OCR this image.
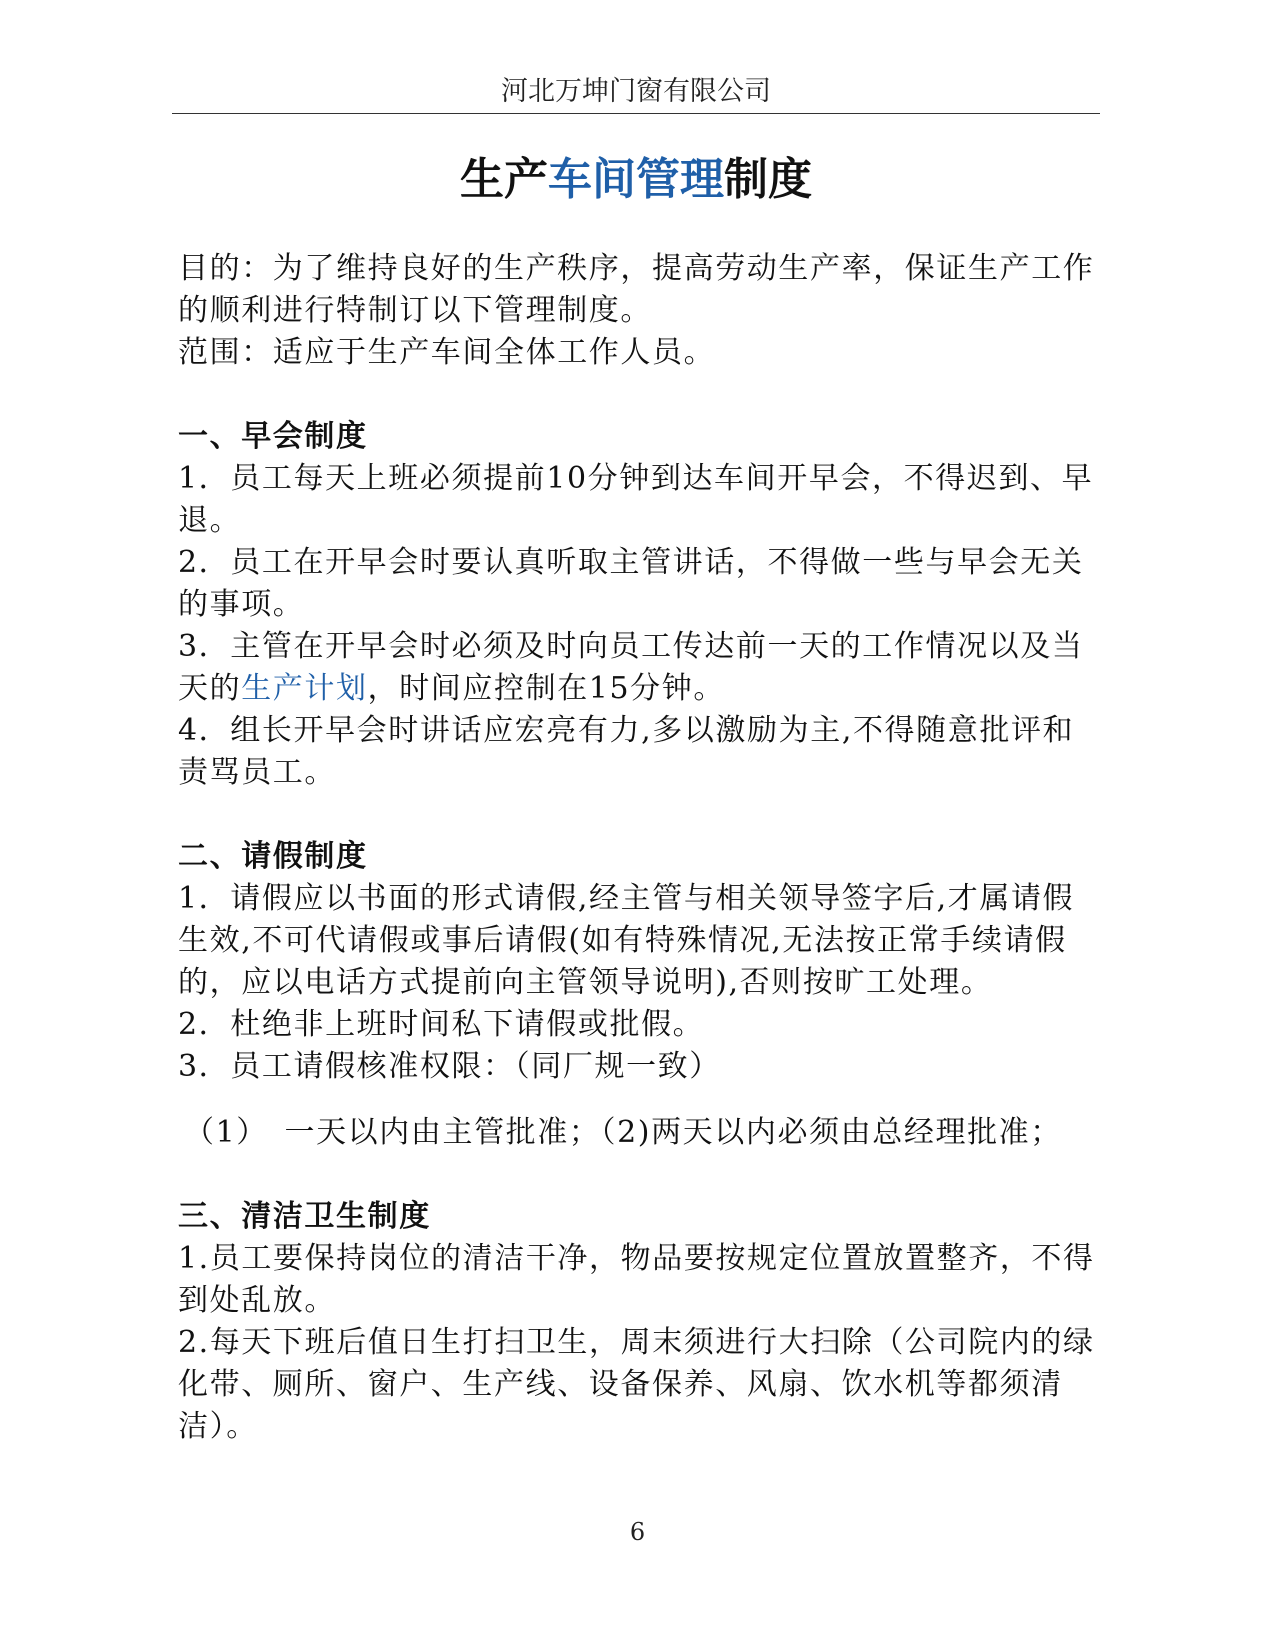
河北万坤门窗有限公司
生产车间管理制度

目的：为了维持良好的生产秩序，提高劳动生产率，保证生产工作的顺利进行特制订以下管理制度。

范围：适应于生产车间全体工作人员。

一、早会制度

1．员工每天上班必须提前10分钟到达车间开早会，不得迟到、早退。

2．员工在开早会时要认真听取主管讲话，不得做一些与早会无关的事项。

3．主管在开早会时必须及时向员工传达前一天的工作情况以及当天的生产计划，时间应控制在15分钟。

4．组长开早会时讲话应宏亮有力,多以激励为主,不得随意批评和责骂员工。

二、请假制度

1．请假应以书面的形式请假,经主管与相关领导签字后,才属请假生效,不可代请假或事后请假(如有特殊情况,无法按正常手续请假的，应以电话方式提前向主管领导说明),否则按旷工处理。

2．杜绝非上班时间私下请假或批假。

3．员工请假核准权限：（同厂规一致）

（1）　一天以内由主管批准；（2)两天以内必须由总经理批准；

三、清洁卫生制度

1.员工要保持岗位的清洁干净，物品要按规定位置放置整齐，不得到处乱放。

2.每天下班后值日生打扫卫生，周末须进行大扫除（公司院内的绿化带、厕所、窗户、生产线、设备保养、风扇、饮水机等都须清洁）。

6
